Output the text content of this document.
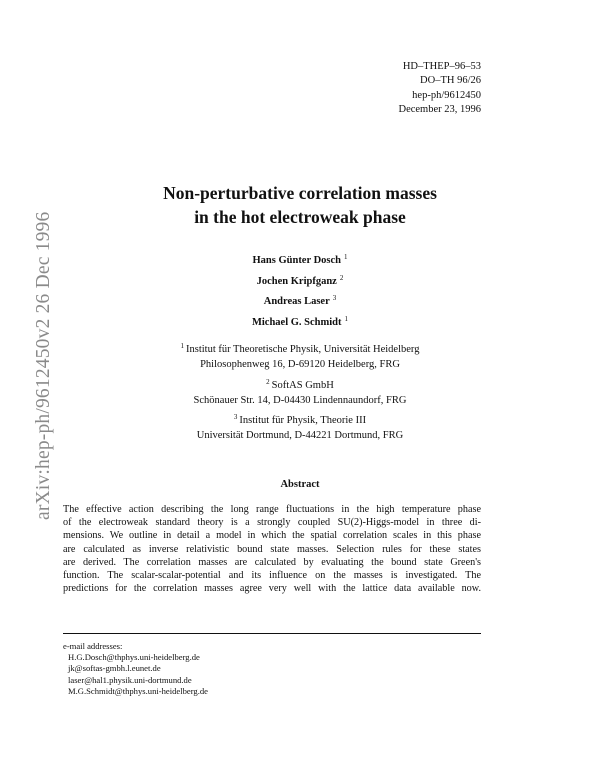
arXiv:hep-ph/9612450v2 26 Dec 1996
HD–THEP–96–53
DO–TH 96/26
hep-ph/9612450
December 23, 1996
Non-perturbative correlation masses
in the hot electroweak phase
Hans Günter Dosch $^1$
Jochen Kripfganz $^2$
Andreas Laser $^3$
Michael G. Schmidt $^1$
$^1$ Institut für Theoretische Physik, Universität Heidelberg
Philosophenweg 16, D-69120 Heidelberg, FRG
$^2$ SoftAS GmbH
Schönauer Str. 14, D-04430 Lindennaundorf, FRG
$^3$ Institut für Physik, Theorie III
Universität Dortmund, D-44221 Dortmund, FRG
Abstract
The effective action describing the long range fluctuations in the high temperature phase
of the electroweak standard theory is a strongly coupled SU(2)-Higgs-model in three di-
mensions. We outline in detail a model in which the spatial correlation scales in this phase
are calculated as inverse relativistic bound state masses. Selection rules for these states
are derived. The correlation masses are calculated by evaluating the bound state Green's
function. The scalar-scalar-potential and its influence on the masses is investigated. The
predictions for the correlation masses agree very well with the lattice data available now.
e-mail addresses:
H.G.Dosch@thphys.uni-heidelberg.de
jk@softas-gmbh.l.eunet.de
laser@hal1.physik.uni-dortmund.de
M.G.Schmidt@thphys.uni-heidelberg.de
